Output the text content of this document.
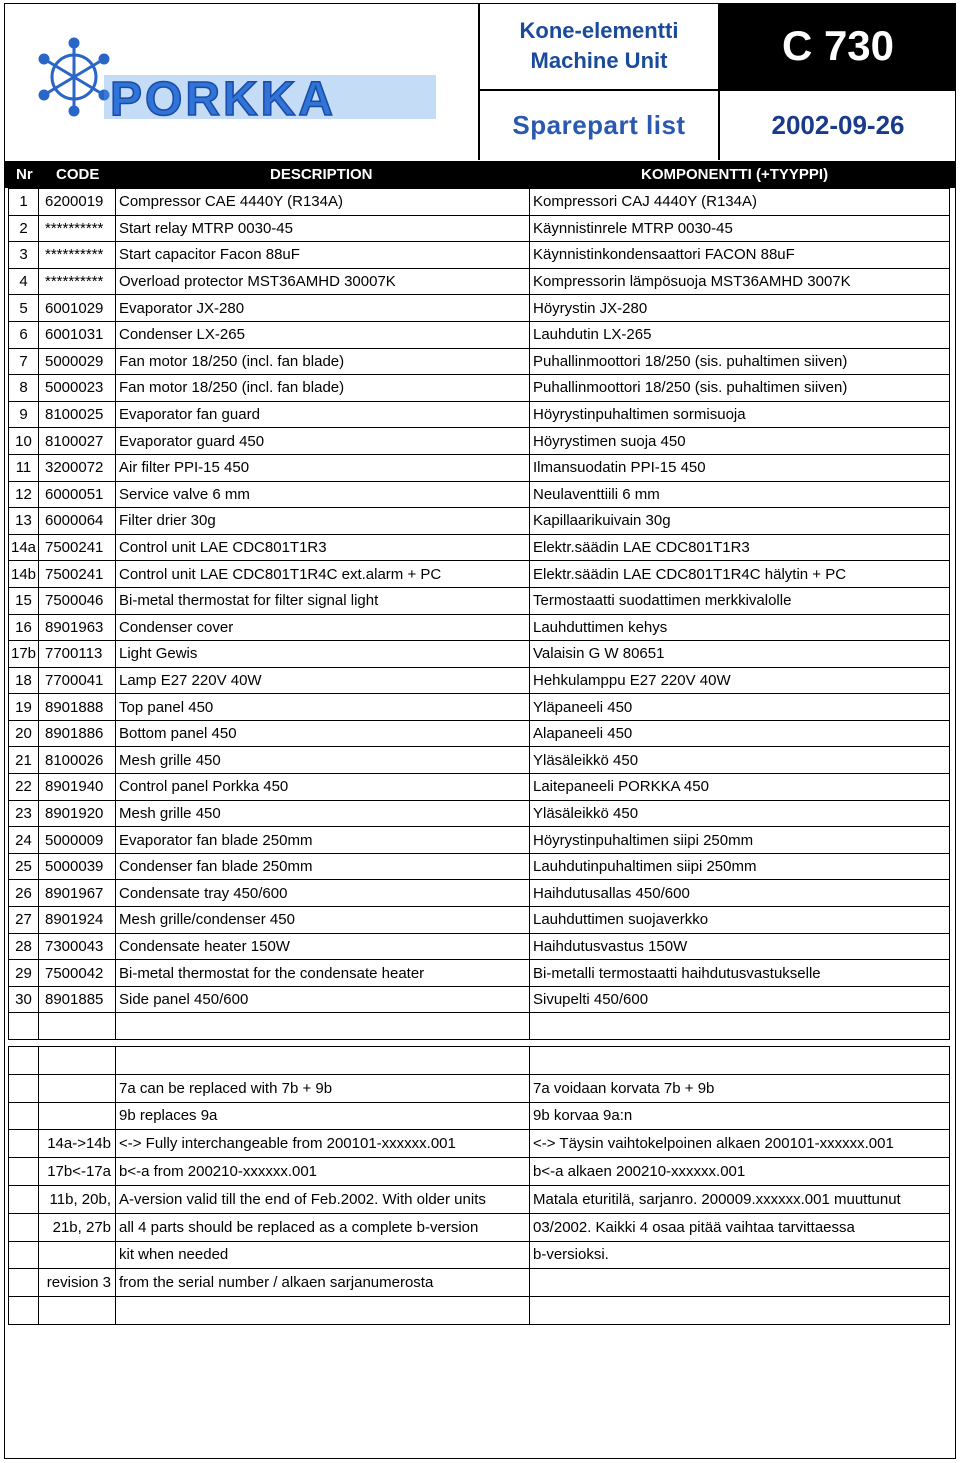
PORKKA
Kone-elementti
Machine Unit	C 730
Sparepart list	2002-09-26
Nr CODE	DESCRIPTION	KOMPONENTTI (+TYYPPI)
1	6200019	Compressor CAE 4440Y (R134A)	Kompressori CAJ 4440Y (R134A)
2	**********	Start relay MTRP 0030-45	Käynnistinrele MTRP 0030-45
3	**********	Start capacitor Facon 88uF	Käynnistinkondensaattori FACON 88uF
4	**********	Overload protector MST36AMHD 30007K	Kompressorin lämpösuoja MST36AMHD 3007K
5	6001029	Evaporator JX-280	Höyrystin JX-280
6	6001031	Condenser LX-265	Lauhdutin LX-265
7	5000029	Fan motor 18/250 (incl. fan blade)	Puhallinmoottori 18/250 (sis. puhaltimen siiven)
8	5000023	Fan motor 18/250 (incl. fan blade)	Puhallinmoottori 18/250 (sis. puhaltimen siiven)
9	8100025	Evaporator fan guard	Höyrystinpuhaltimen sormisuoja
10	8100027	Evaporator guard 450	Höyrystimen suoja 450
11	3200072	Air filter PPI-15 450	Ilmansuodatin PPI-15 450
12	6000051	Service valve 6 mm	Neulaventtiili 6 mm
13	6000064	Filter drier 30g	Kapillaarikuivain 30g
14a	7500241	Control unit LAE CDC801T1R3	Elektr.säädin LAE CDC801T1R3
14b	7500241	Control unit LAE CDC801T1R4C ext.alarm + PC	Elektr.säädin LAE CDC801T1R4C hälytin + PC
15	7500046	Bi-metal thermostat for filter signal light	Termostaatti suodattimen merkkivalolle
16	8901963	Condenser cover	Lauhduttimen kehys
17b	7700113	Light Gewis	Valaisin G W 80651
18	7700041	Lamp E27 220V 40W	Hehkulamppu E27 220V 40W
19	8901888	Top panel 450	Yläpaneeli 450
20	8901886	Bottom panel 450	Alapaneeli 450
21	8100026	Mesh grille 450	Yläsäleikkö 450
22	8901940	Control panel Porkka 450	Laitepaneeli PORKKA 450
23	8901920	Mesh grille 450	Yläsäleikkö 450
24	5000009	Evaporator fan blade 250mm	Höyrystinpuhaltimen siipi 250mm
25	5000039	Condenser fan blade 250mm	Lauhdutinpuhaltimen siipi 250mm
26	8901967	Condensate tray 450/600	Haihdutusallas 450/600
27	8901924	Mesh grille/condenser 450	Lauhduttimen suojaverkko
28	7300043	Condensate heater 150W	Haihdutusvastus 150W
29	7500042	Bi-metal thermostat for the condensate heater	Bi-metalli termostaatti haihdutusvastukselle
30	8901885	Side panel 450/600	Sivupelti 450/600

		7a can be replaced with 7b + 9b	7a voidaan korvata 7b + 9b
		9b replaces 9a	9b korvaa 9a:n
	14a->14b	<-> Fully interchangeable from 200101-xxxxxx.001	<-> Täysin vaihtokelpoinen alkaen 200101-xxxxxx.001
	17b<-17a	b<-a from 200210-xxxxxx.001	b<-a alkaen 200210-xxxxxx.001
	11b, 20b,	A-version valid till the end of Feb.2002. With older units	Matala eturitilä, sarjanro. 200009.xxxxxx.001 muuttunut
	21b, 27b	all 4 parts should be replaced as a complete b-version	03/2002. Kaikki 4 osaa pitää vaihtaa tarvittaessa
		kit when needed	b-versioksi.
	revision 3	from the serial number / alkaen sarjanumerosta	
